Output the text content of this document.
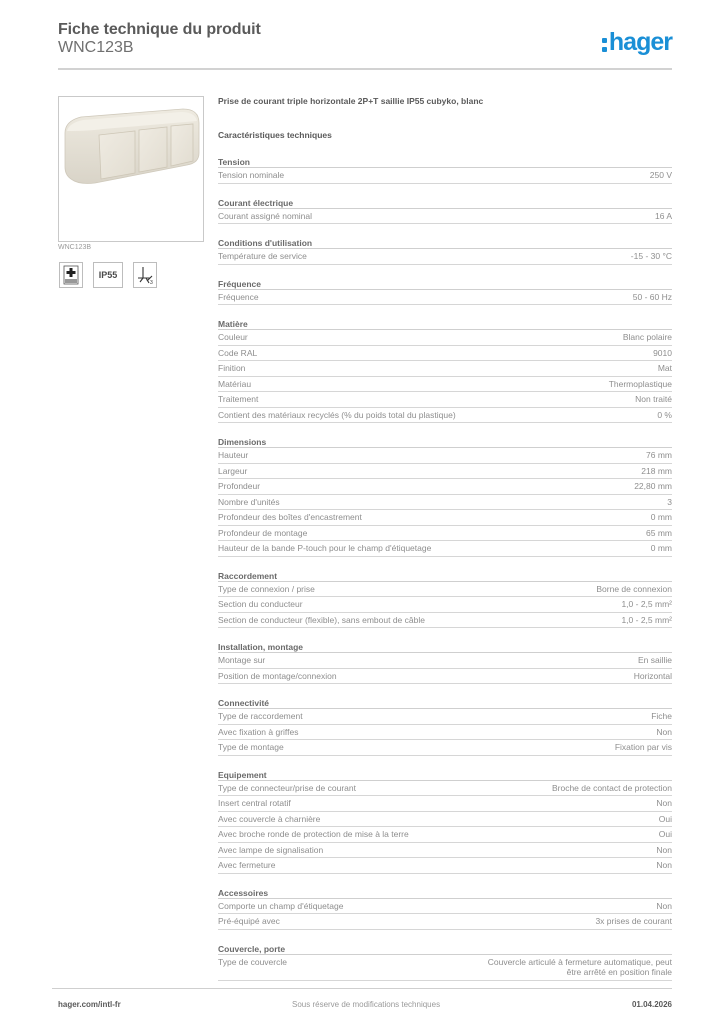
Fiche technique du produit
WNC123B	hager
WNC123B
IP55
3
Prise de courant triple horizontale 2P+T saillie IP55 cubyko, blanc
Caractéristiques techniques
Tension
Tension nominale	250 V
Courant électrique
Courant assigné nominal	16 A
Conditions d'utilisation
Température de service	-15 - 30 °C
Fréquence
Fréquence	50 - 60 Hz
Matière
Couleur	Blanc polaire
Code RAL	9010
Finition	Mat
Matériau	Thermoplastique
Traitement	Non traité
Contient des matériaux recyclés (% du poids total du plastique)	0 %
Dimensions
Hauteur	76 mm
Largeur	218 mm
Profondeur	22,80 mm
Nombre d'unités	3
Profondeur des boîtes d'encastrement	0 mm
Profondeur de montage	65 mm
Hauteur de la bande P-touch pour le champ d'étiquetage	0 mm
Raccordement
Type de connexion / prise	Borne de connexion
Section du conducteur	1,0 - 2,5 mm²
Section de conducteur (flexible), sans embout de câble	1,0 - 2,5 mm²
Installation, montage
Montage sur	En saillie
Position de montage/connexion	Horizontal
Connectivité
Type de raccordement	Fiche
Avec fixation à griffes	Non
Type de montage	Fixation par vis
Equipement
Type de connecteur/prise de courant	Broche de contact de protection
Insert central rotatif	Non
Avec couvercle à charnière	Oui
Avec broche ronde de protection de mise à la terre	Oui
Avec lampe de signalisation	Non
Avec fermeture	Non
Accessoires
Comporte un champ d'étiquetage	Non
Pré-équipé avec	3x prises de courant
Couvercle, porte
Type de couvercle	Couvercle articulé à fermeture automatique, peut être arrêté en position finale
hager.com/intl-fr	Sous réserve de modifications techniques	01.04.2026
